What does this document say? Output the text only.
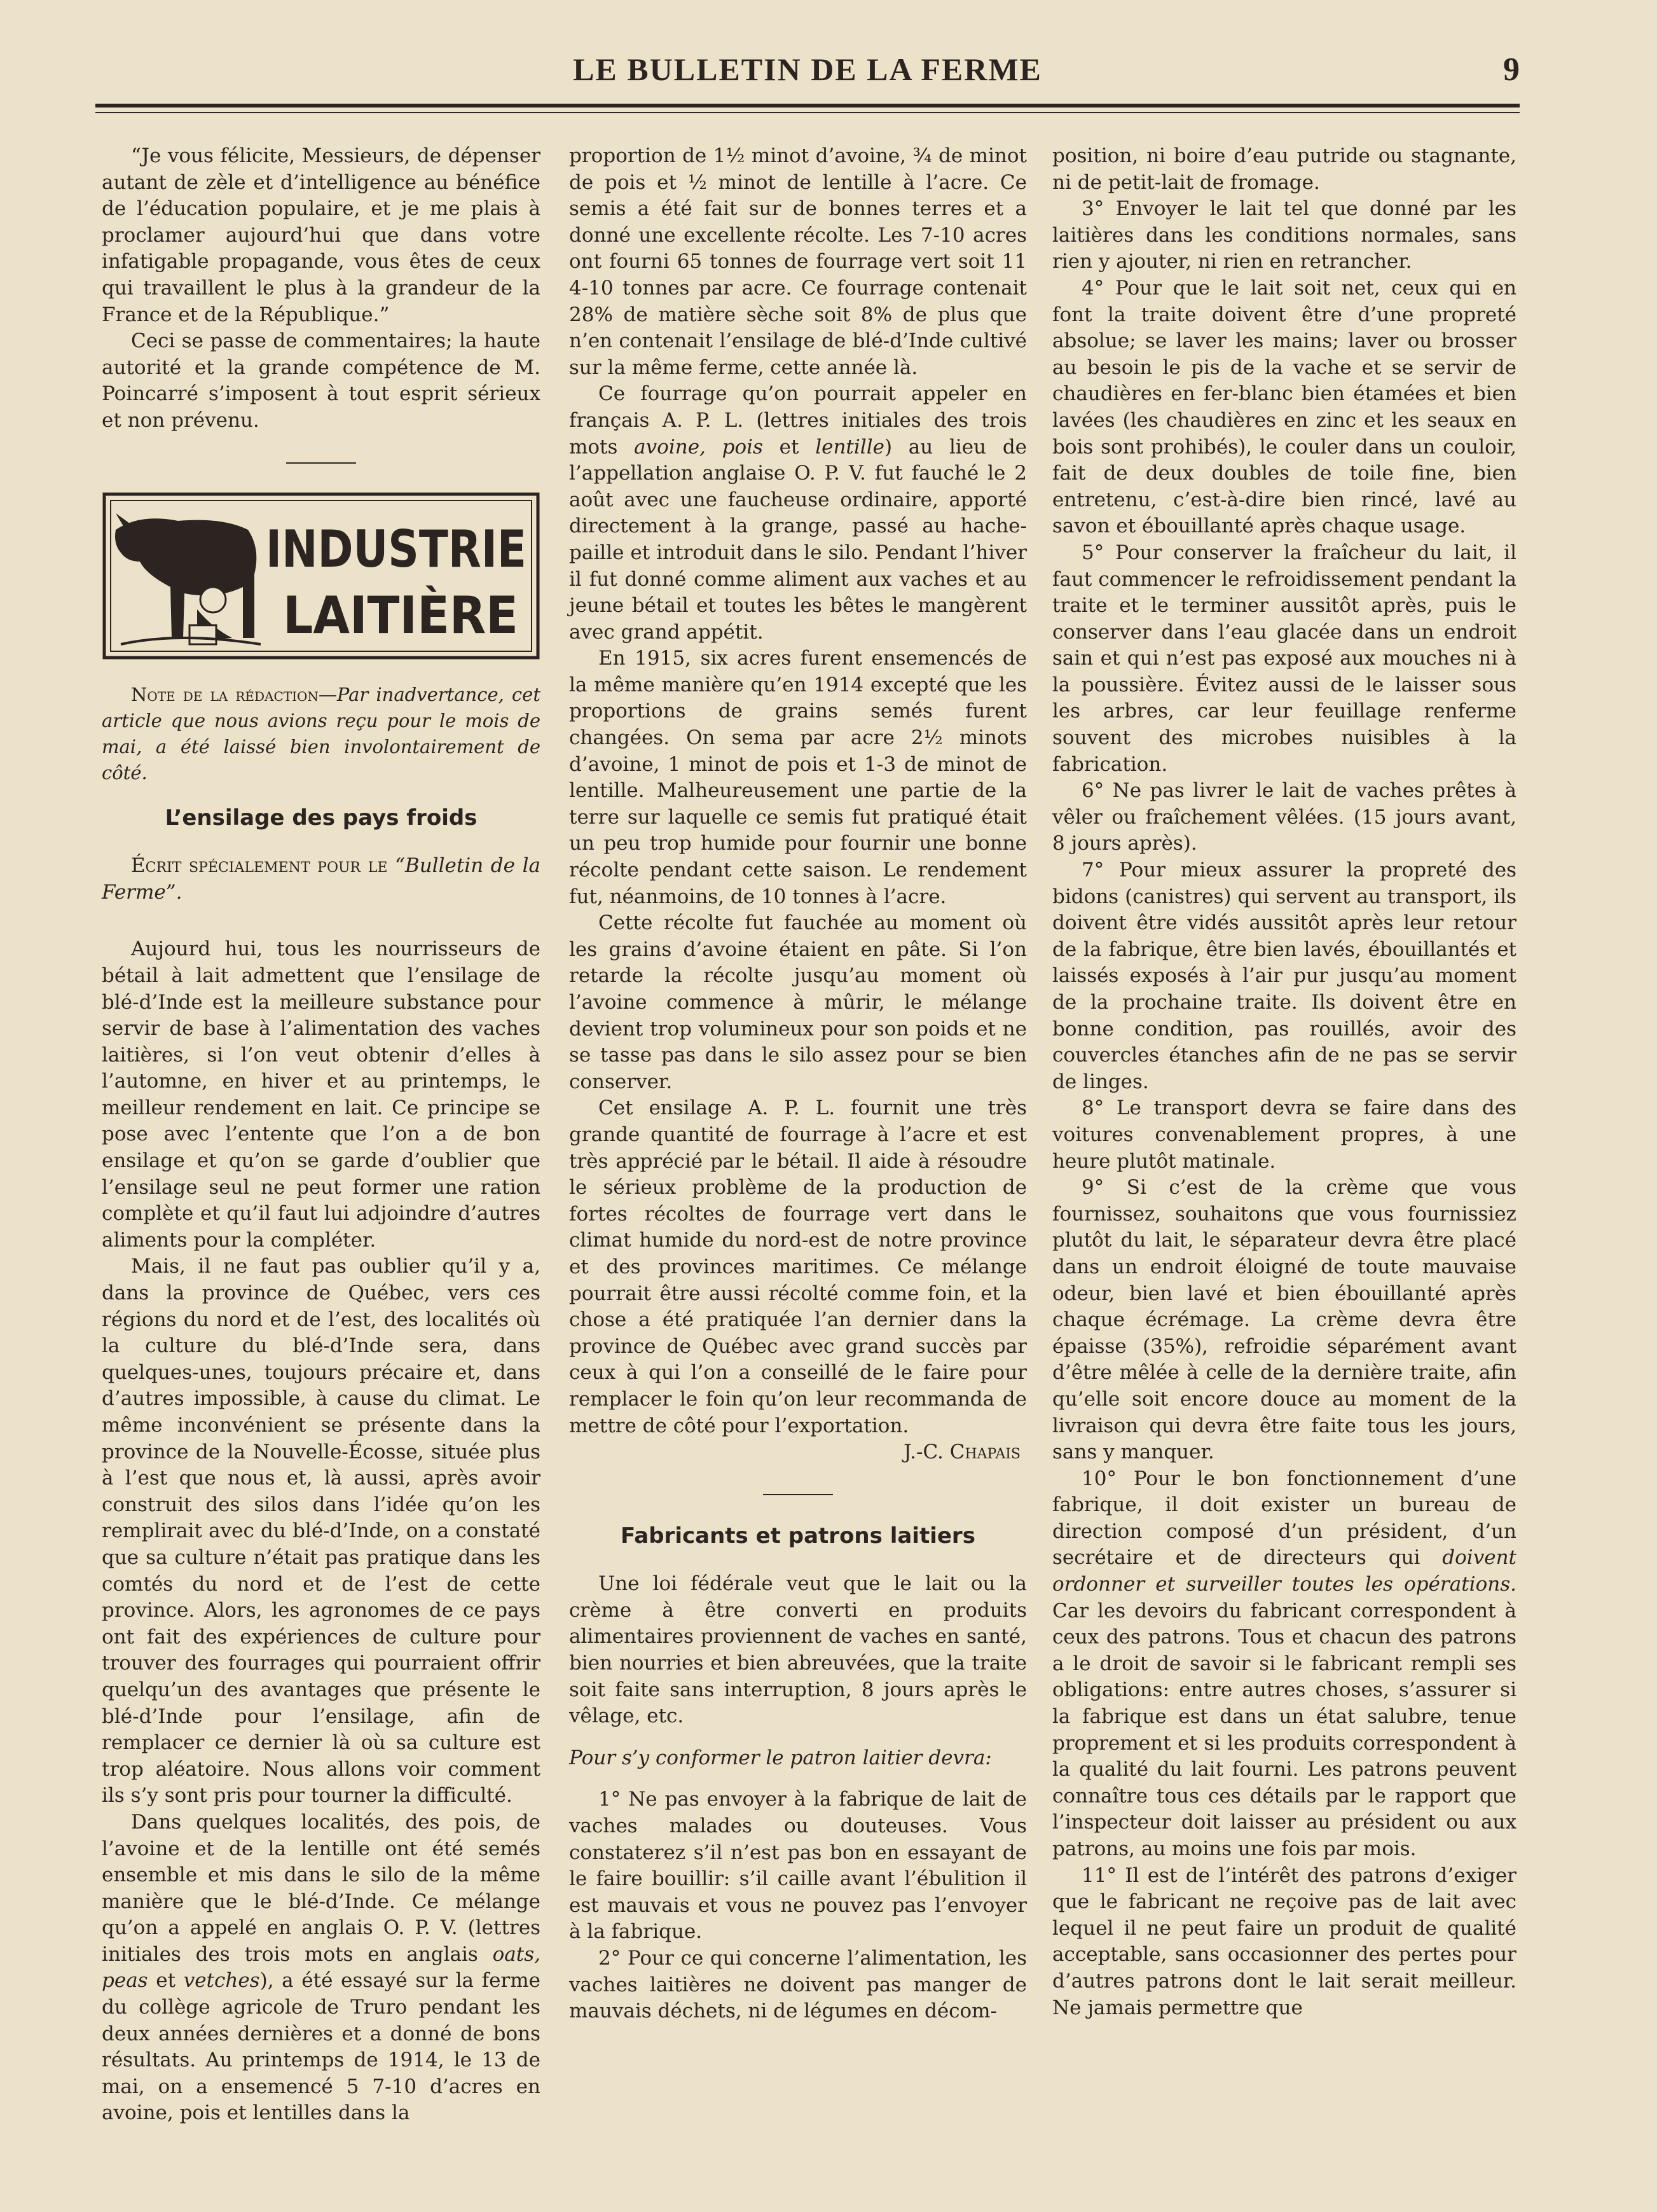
LE BULLETIN DE LA FERME	9

“Je vous félicite, Messieurs, de dépenser autant de zèle et d’intelligence au bénéfice de l’éducation populaire, et je me plais à proclamer aujourd’hui que dans votre infatigable propagande, vous êtes de ceux qui travaillent le plus à la grandeur de la France et de la République.”

Ceci se passe de commentaires; la haute autorité et la grande compétence de M. Poincarré s’imposent à tout esprit sérieux et non prévenu.

INDUSTRIE
LAITIÈRE

Note de la rédaction—Par inadvertance, cet article que nous avions reçu pour le mois de mai, a été laissé bien involontairement de côté.

L’ensilage des pays froids

Écrit spécialement pour le “Bulletin de la Ferme”.

Aujourd hui, tous les nourrisseurs de bétail à lait admettent que l’ensilage de blé-d’Inde est la meilleure substance pour servir de base à l’alimentation des vaches laitières, si l’on veut obtenir d’elles à l’automne, en hiver et au printemps, le meilleur rendement en lait. Ce principe se pose avec l’entente que l’on a de bon ensilage et qu’on se garde d’oublier que l’ensilage seul ne peut former une ration complète et qu’il faut lui adjoindre d’autres aliments pour la compléter.

Mais, il ne faut pas oublier qu’il y a, dans la province de Québec, vers ces régions du nord et de l’est, des localités où la culture du blé-d’Inde sera, dans quelques-unes, toujours précaire et, dans d’autres impossible, à cause du climat. Le même inconvénient se présente dans la province de la Nouvelle-Écosse, située plus à l’est que nous et, là aussi, après avoir construit des silos dans l’idée qu’on les remplirait avec du blé-d’Inde, on a constaté que sa culture n’était pas pratique dans les comtés du nord et de l’est de cette province. Alors, les agronomes de ce pays ont fait des expériences de culture pour trouver des fourrages qui pourraient offrir quelqu’un des avantages que présente le blé-d’Inde pour l’ensilage, afin de remplacer ce dernier là où sa culture est trop aléatoire. Nous allons voir comment ils s’y sont pris pour tourner la difficulté.

Dans quelques localités, des pois, de l’avoine et de la lentille ont été semés ensemble et mis dans le silo de la même manière que le blé-d’Inde. Ce mélange qu’on a appelé en anglais O. P. V. (lettres initiales des trois mots en anglais oats, peas et vetches), a été essayé sur la ferme du collège agricole de Truro pendant les deux années dernières et a donné de bons résultats. Au printemps de 1914, le 13 de mai, on a ensemencé 5 7-10 d’acres en avoine, pois et lentilles dans la

proportion de 1½ minot d’avoine, ¾ de minot de pois et ½ minot de lentille à l’acre. Ce semis a été fait sur de bonnes terres et a donné une excellente récolte. Les 7-10 acres ont fourni 65 tonnes de fourrage vert soit 11 4-10 tonnes par acre. Ce fourrage contenait 28% de matière sèche soit 8% de plus que n’en contenait l’ensilage de blé-d’Inde cultivé sur la même ferme, cette année là.

Ce fourrage qu’on pourrait appeler en français A. P. L. (lettres initiales des trois mots avoine, pois et lentille) au lieu de l’appellation anglaise O. P. V. fut fauché le 2 août avec une faucheuse ordinaire, apporté directement à la grange, passé au hache-paille et introduit dans le silo. Pendant l’hiver il fut donné comme aliment aux vaches et au jeune bétail et toutes les bêtes le mangèrent avec grand appétit.

En 1915, six acres furent ensemencés de la même manière qu’en 1914 excepté que les proportions de grains semés furent changées. On sema par acre 2½ minots d’avoine, 1 minot de pois et 1-3 de minot de lentille. Malheureusement une partie de la terre sur laquelle ce semis fut pratiqué était un peu trop humide pour fournir une bonne récolte pendant cette saison. Le rendement fut, néanmoins, de 10 tonnes à l’acre.

Cette récolte fut fauchée au moment où les grains d’avoine étaient en pâte. Si l’on retarde la récolte jusqu’au moment où l’avoine commence à mûrir, le mélange devient trop volumineux pour son poids et ne se tasse pas dans le silo assez pour se bien conserver.

Cet ensilage A. P. L. fournit une très grande quantité de fourrage à l’acre et est très apprécié par le bétail. Il aide à résoudre le sérieux problème de la production de fortes récoltes de fourrage vert dans le climat humide du nord-est de notre province et des provinces maritimes. Ce mélange pourrait être aussi récolté comme foin, et la chose a été pratiquée l’an dernier dans la province de Québec avec grand succès par ceux à qui l’on a conseillé de le faire pour remplacer le foin qu’on leur recommanda de mettre de côté pour l’exportation.

J.-C. Chapais

Fabricants et patrons laitiers

Une loi fédérale veut que le lait ou la crème à être converti en produits alimentaires proviennent de vaches en santé, bien nourries et bien abreuvées, que la traite soit faite sans interruption, 8 jours après le vêlage, etc.

Pour s’y conformer le patron laitier devra:

1° Ne pas envoyer à la fabrique de lait de vaches malades ou douteuses. Vous constaterez s’il n’est pas bon en essayant de le faire bouillir: s’il caille avant l’ébulition il est mauvais et vous ne pouvez pas l’envoyer à la fabrique.

2° Pour ce qui concerne l’alimentation, les vaches laitières ne doivent pas manger de mauvais déchets, ni de légumes en décom-

position, ni boire d’eau putride ou stagnante, ni de petit-lait de fromage.

3° Envoyer le lait tel que donné par les laitières dans les conditions normales, sans rien y ajouter, ni rien en retrancher.

4° Pour que le lait soit net, ceux qui en font la traite doivent être d’une propreté absolue; se laver les mains; laver ou brosser au besoin le pis de la vache et se servir de chaudières en fer-blanc bien étamées et bien lavées (les chaudières en zinc et les seaux en bois sont prohibés), le couler dans un couloir, fait de deux doubles de toile fine, bien entretenu, c’est-à-dire bien rincé, lavé au savon et ébouillanté après chaque usage.

5° Pour conserver la fraîcheur du lait, il faut commencer le refroidissement pendant la traite et le terminer aussitôt après, puis le conserver dans l’eau glacée dans un endroit sain et qui n’est pas exposé aux mouches ni à la poussière. Évitez aussi de le laisser sous les arbres, car leur feuillage renferme souvent des microbes nuisibles à la fabrication.

6° Ne pas livrer le lait de vaches prêtes à vêler ou fraîchement vêlées. (15 jours avant, 8 jours après).

7° Pour mieux assurer la propreté des bidons (canistres) qui servent au transport, ils doivent être vidés aussitôt après leur retour de la fabrique, être bien lavés, ébouillantés et laissés exposés à l’air pur jusqu’au moment de la prochaine traite. Ils doivent être en bonne condition, pas rouillés, avoir des couvercles étanches afin de ne pas se servir de linges.

8° Le transport devra se faire dans des voitures convenablement propres, à une heure plutôt matinale.

9° Si c’est de la crème que vous fournissez, souhaitons que vous fournissiez plutôt du lait, le séparateur devra être placé dans un endroit éloigné de toute mauvaise odeur, bien lavé et bien ébouillanté après chaque écrémage. La crème devra être épaisse (35%), refroidie séparément avant d’être mêlée à celle de la dernière traite, afin qu’elle soit encore douce au moment de la livraison qui devra être faite tous les jours, sans y manquer.

10° Pour le bon fonctionnement d’une fabrique, il doit exister un bureau de direction composé d’un président, d’un secrétaire et de directeurs qui doivent ordonner et surveiller toutes les opérations. Car les devoirs du fabricant correspondent à ceux des patrons. Tous et chacun des patrons a le droit de savoir si le fabricant rempli ses obligations: entre autres choses, s’assurer si la fabrique est dans un état salubre, tenue proprement et si les produits correspondent à la qualité du lait fourni. Les patrons peuvent connaître tous ces détails par le rapport que l’inspecteur doit laisser au président ou aux patrons, au moins une fois par mois.

11° Il est de l’intérêt des patrons d’exiger que le fabricant ne reçoive pas de lait avec lequel il ne peut faire un produit de qualité acceptable, sans occasionner des pertes pour d’autres patrons dont le lait serait meilleur. Ne jamais permettre que
